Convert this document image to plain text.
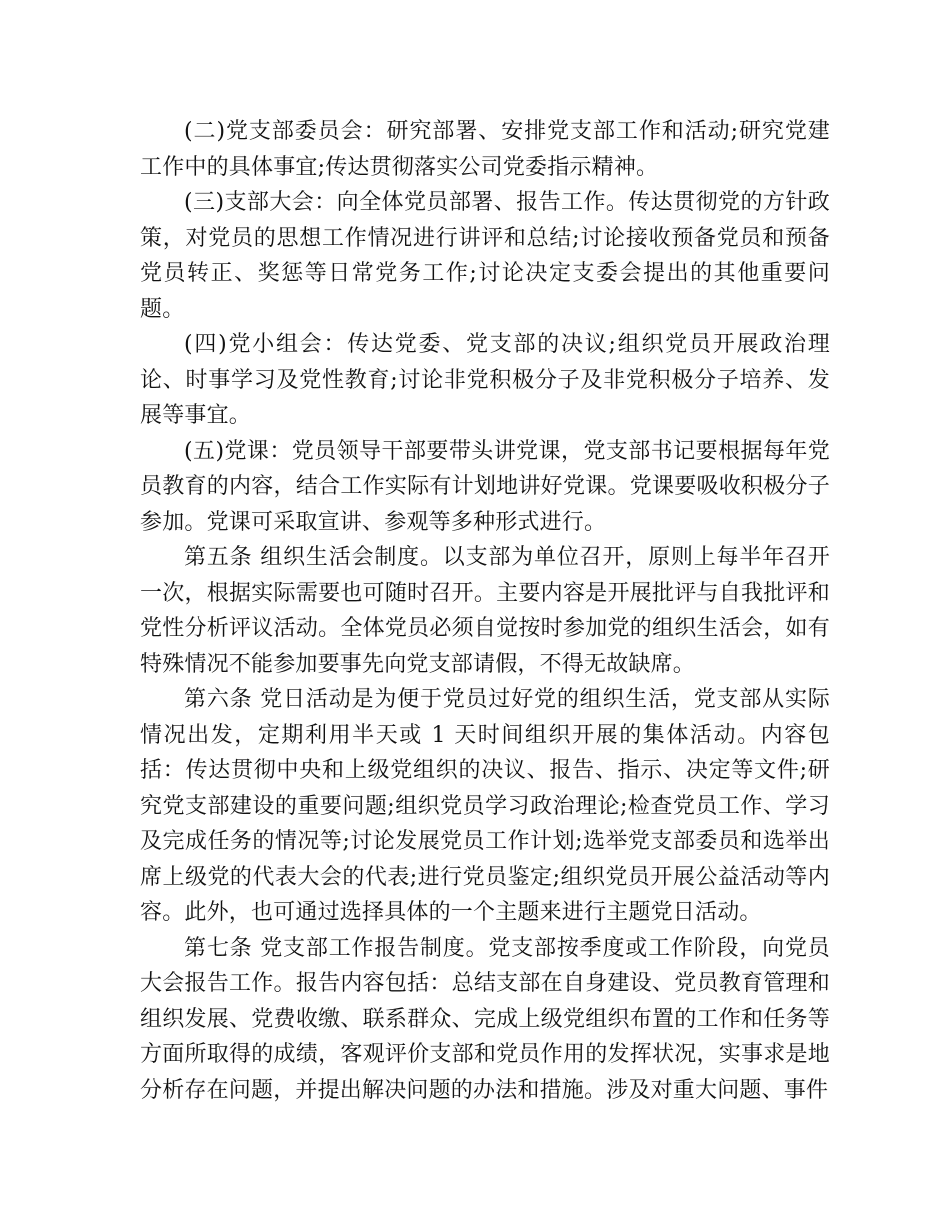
(二)党支部委员会：研究部署、安排党支部工作和活动;研究党建工作中的具体事宜;传达贯彻落实公司党委指示精神。

(三)支部大会：向全体党员部署、报告工作。传达贯彻党的方针政策，对党员的思想工作情况进行讲评和总结;讨论接收预备党员和预备党员转正、奖惩等日常党务工作;讨论决定支委会提出的其他重要问题。

(四)党小组会：传达党委、党支部的决议;组织党员开展政治理论、时事学习及党性教育;讨论非党积极分子及非党积极分子培养、发展等事宜。

(五)党课：党员领导干部要带头讲党课，党支部书记要根据每年党员教育的内容，结合工作实际有计划地讲好党课。党课要吸收积极分子参加。党课可采取宣讲、参观等多种形式进行。

第五条 组织生活会制度。以支部为单位召开，原则上每半年召开一次，根据实际需要也可随时召开。主要内容是开展批评与自我批评和党性分析评议活动。全体党员必须自觉按时参加党的组织生活会，如有特殊情况不能参加要事先向党支部请假，不得无故缺席。

第六条 党日活动是为便于党员过好党的组织生活，党支部从实际情况出发，定期利用半天或 1 天时间组织开展的集体活动。内容包括：传达贯彻中央和上级党组织的决议、报告、指示、决定等文件;研究党支部建设的重要问题;组织党员学习政治理论;检查党员工作、学习及完成任务的情况等;讨论发展党员工作计划;选举党支部委员和选举出席上级党的代表大会的代表;进行党员鉴定;组织党员开展公益活动等内容。此外，也可通过选择具体的一个主题来进行主题党日活动。

第七条 党支部工作报告制度。党支部按季度或工作阶段，向党员大会报告工作。报告内容包括：总结支部在自身建设、党员教育管理和组织发展、党费收缴、联系群众、完成上级党组织布置的工作和任务等方面所取得的成绩，客观评价支部和党员作用的发挥状况，实事求是地分析存在问题，并提出解决问题的办法和措施。涉及对重大问题、事件
